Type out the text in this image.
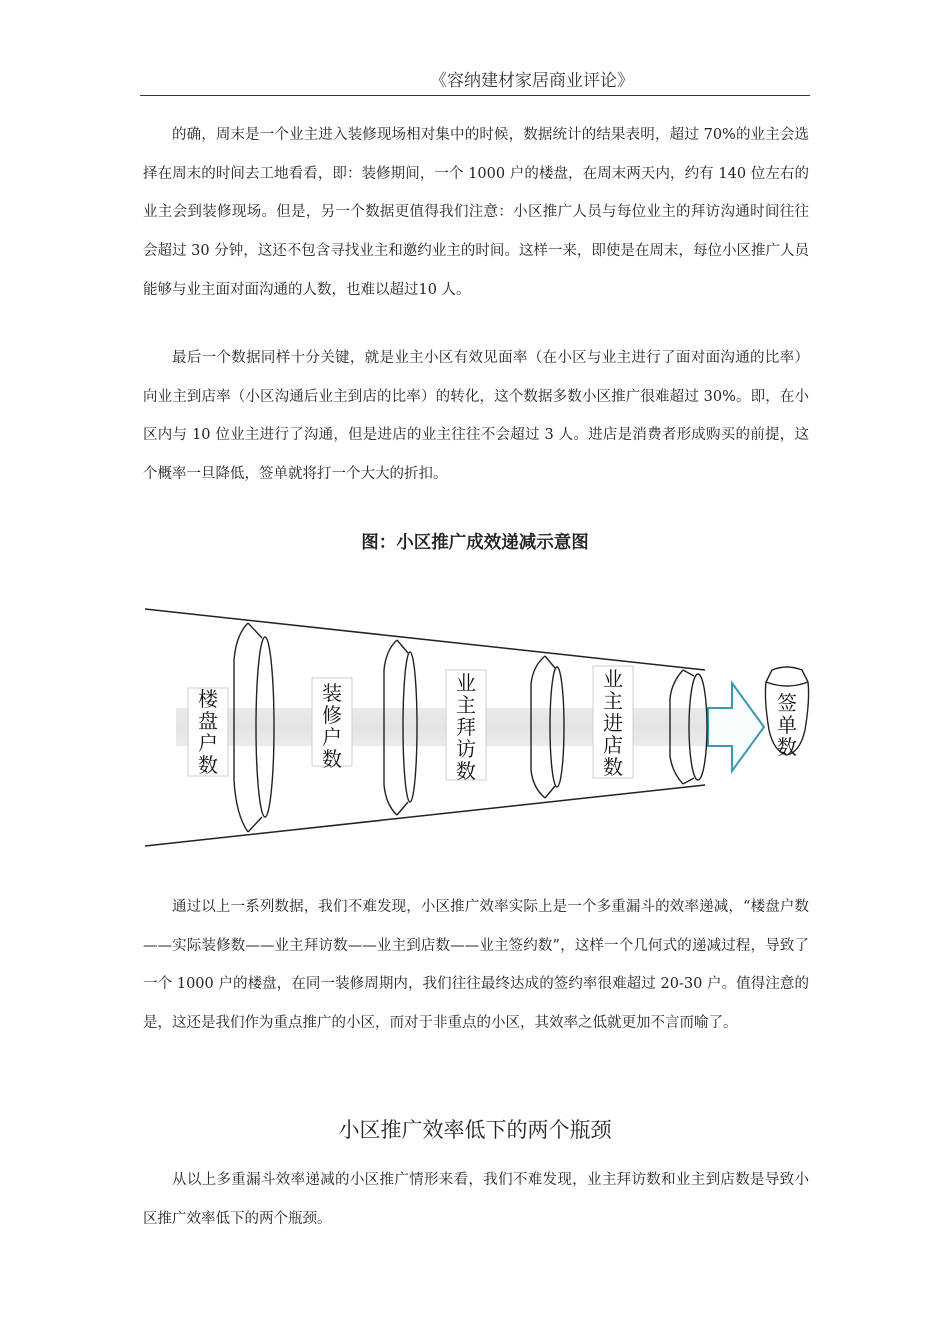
《容纳建材家居商业评论》

的确，周末是一个业主进入装修现场相对集中的时候，数据统计的结果表明，超过 70%的业主会选择在周末的时间去工地看看，即：装修期间，一个 1000 户的楼盘，在周末两天内，约有 140 位左右的业主会到装修现场。但是，另一个数据更值得我们注意：小区推广人员与每位业主的拜访沟通时间往往会超过 30 分钟，这还不包含寻找业主和邀约业主的时间。这样一来，即使是在周末，每位小区推广人员能够与业主面对面沟通的人数，也难以超过10 人。

最后一个数据同样十分关键，就是业主小区有效见面率（在小区与业主进行了面对面沟通的比率）向业主到店率（小区沟通后业主到店的比率）的转化，这个数据多数小区推广很难超过 30%。即，在小区内与 10 位业主进行了沟通，但是进店的业主往往不会超过 3 人。进店是消费者形成购买的前提，这个概率一旦降低，签单就将打一个大大的折扣。

图：小区推广成效递减示意图
楼盘户数
装修户数
业主拜访数
业主进店数
签单数

通过以上一系列数据，我们不难发现，小区推广效率实际上是一个多重漏斗的效率递减，“楼盘户数——实际装修数——业主拜访数——业主到店数——业主签约数”，这样一个几何式的递减过程，导致了一个 1000 户的楼盘，在同一装修周期内，我们往往最终达成的签约率很难超过 20-30 户。值得注意的是，这还是我们作为重点推广的小区，而对于非重点的小区，其效率之低就更加不言而喻了。

小区推广效率低下的两个瓶颈

从以上多重漏斗效率递减的小区推广情形来看，我们不难发现，业主拜访数和业主到店数是导致小区推广效率低下的两个瓶颈。
